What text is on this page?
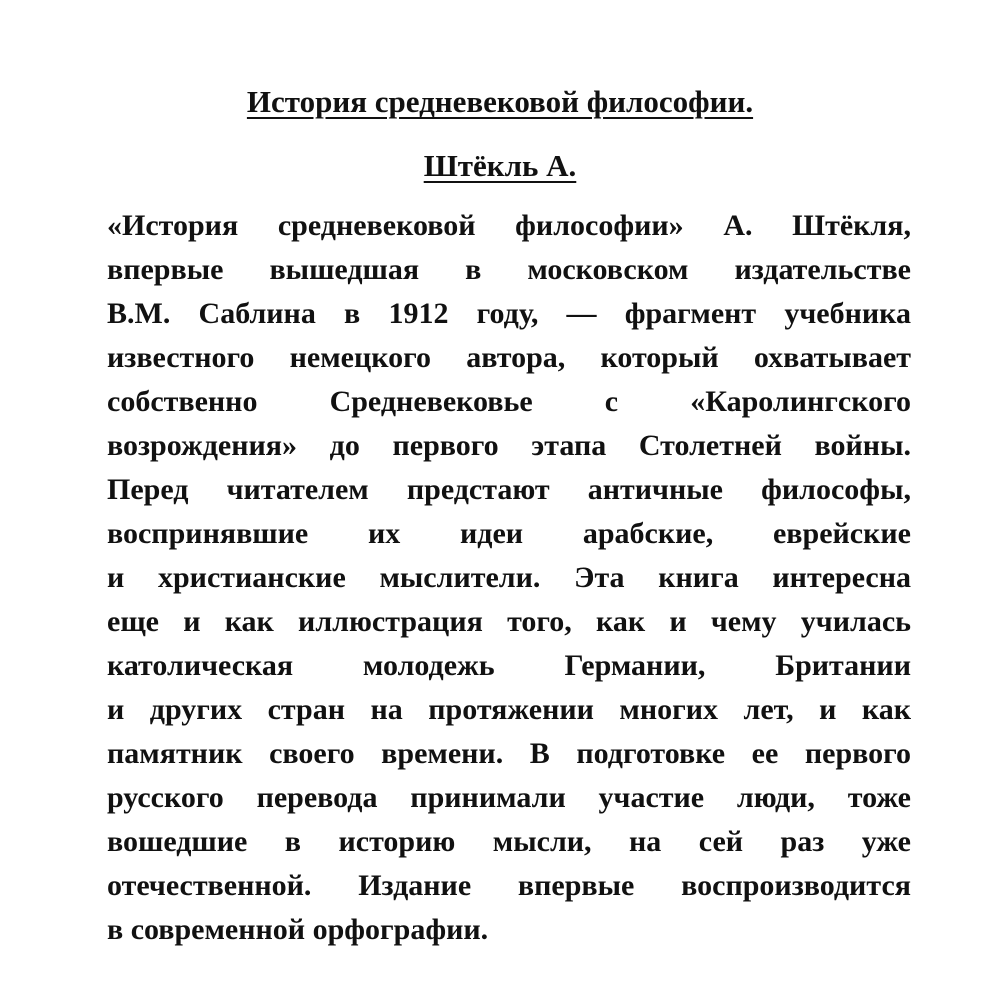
История средневековой философии.
Штёкль А.
«История средневековой философии» А. Штёкля,
впервые вышедшая в московском издательстве
В.М. Саблина в 1912 году, — фрагмент учебника
известного немецкого автора, который охватывает
собственно Средневековье с «Каролингского
возрождения» до первого этапа Столетней войны.
Перед читателем предстают античные философы,
воспринявшие их идеи арабские, еврейские
и христианские мыслители. Эта книга интересна
еще и как иллюстрация того, как и чему училась
католическая молодежь Германии, Британии
и других стран на протяжении многих лет, и как
памятник своего времени. В подготовке ее первого
русского перевода принимали участие люди, тоже
вошедшие в историю мысли, на сей раз уже
отечественной. Издание впервые воспроизводится
в современной орфографии.
